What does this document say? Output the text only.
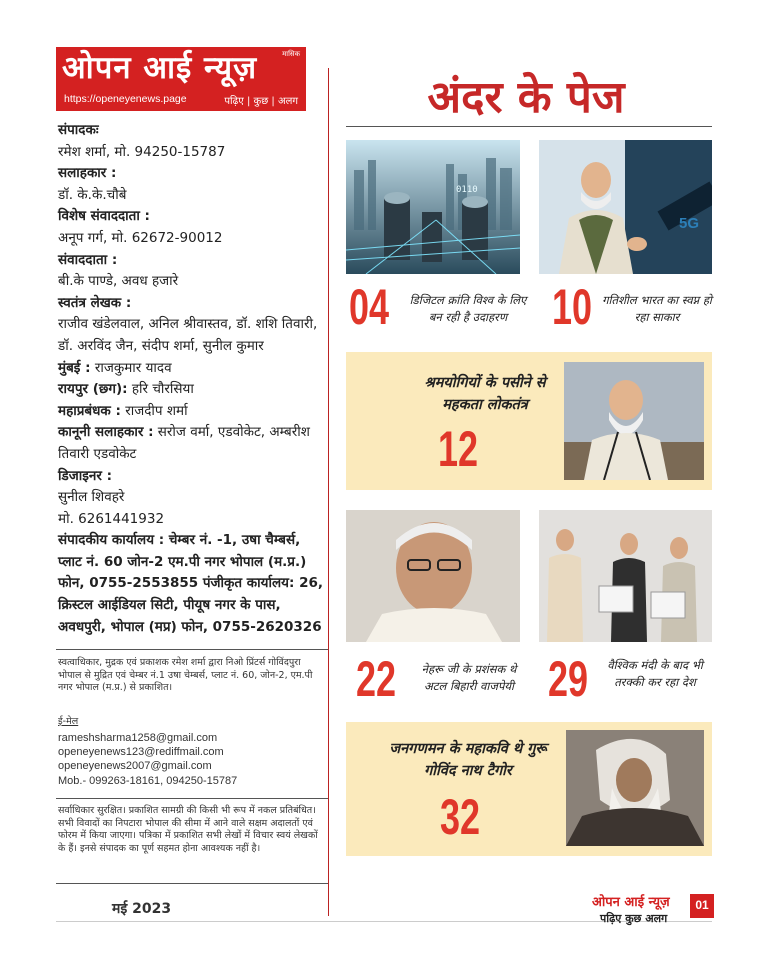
ओपन आई न्यूज़	मासिक
https://openeyenews.page	पढ़िए | कुछ | अलग
संपादकः
रमेश शर्मा, मो. 94250-15787
सलाहकार :
डॉ. के.के.चौबे
विशेष संवाददाता :
अनूप गर्ग, मो. 62672-90012
संवाददाता :
बी.के पाण्डे, अवध हजारे
स्वतंत्र लेखक :
राजीव खंडेलवाल, अनिल श्रीवास्तव, डॉ. शशि तिवारी, डॉ. अरविंद जैन, संदीप शर्मा, सुनील कुमार
मुंबई : राजकुमार यादव
रायपुर (छ्ग): हरि चौरसिया
महाप्रबंधक : राजदीप शर्मा
कानूनी सलाहकार : सरोज वर्मा, एडवोकेट, अम्बरीश तिवारी एडवोकेट
डिजाइनर :
सुनील शिवहरे
मो. 6261441932
संपादकीय कार्यालय : चेम्बर नं. -1, उषा चैम्बर्स, प्लाट नं. 60 जोन-2 एम.पी नगर भोपाल (म.प्र.) फोन, 0755-2553855 पंजीकृत कार्यालय: 26, क्रिस्टल आईडियल सिटी, पीयूष नगर के पास, अवधपुरी, भोपाल (मप्र) फोन, 0755-2620326
स्वत्वाधिकार, मुद्रक एवं प्रकाशक रमेश शर्मा द्वारा निओ प्रिंटर्स गोविंदपुरा भोपाल से मुद्रित एवं चेम्बर नं.1 उषा चेम्बर्स, प्लाट नं. 60, जोन-2, एम.पी नगर भोपाल (म.प्र.) से प्रकाशित।
ई-मेल
rameshsharma1258@gmail.com
openeyenews123@rediffmail.com
openeyenews2007@gmail.com
Mob.- 099263-18161, 094250-15787
सर्वाधिकार सुरक्षित। प्रकाशित सामग्री की किसी भी रूप में नकल प्रतिबंधित। सभी विवादों का निपटारा भोपाल की सीमा में आने वाले सक्षम अदालतों एवं फोरम में किया जाएगा। पत्रिका में प्रकाशित सभी लेखों में विचार स्वयं लेखकों के हैं। इनसे संपादक का पूर्ण सहमत होना आवश्यक नहीं है।
मई 2023
अंदर के पेज
0110
5G
04	डिजिटल क्रांति विश्व के लिए बन रही है उदाहरण 10 गतिशील भारत का स्वप्न हो रहा साकार
श्रमयोगियों के पसीने से महकता लोकतंत्र
12
22	नेहरू जी के प्रशंसक थे अटल बिहारी वाजपेयी 29	वैश्विक मंदी के बाद भी तरक्की कर रहा देश
जनगणमन के महाकवि थे गुरू गोविंद नाथ टैगोर
32
ओपन आई न्यूज़
पढ़िए कुछ अलग
01
